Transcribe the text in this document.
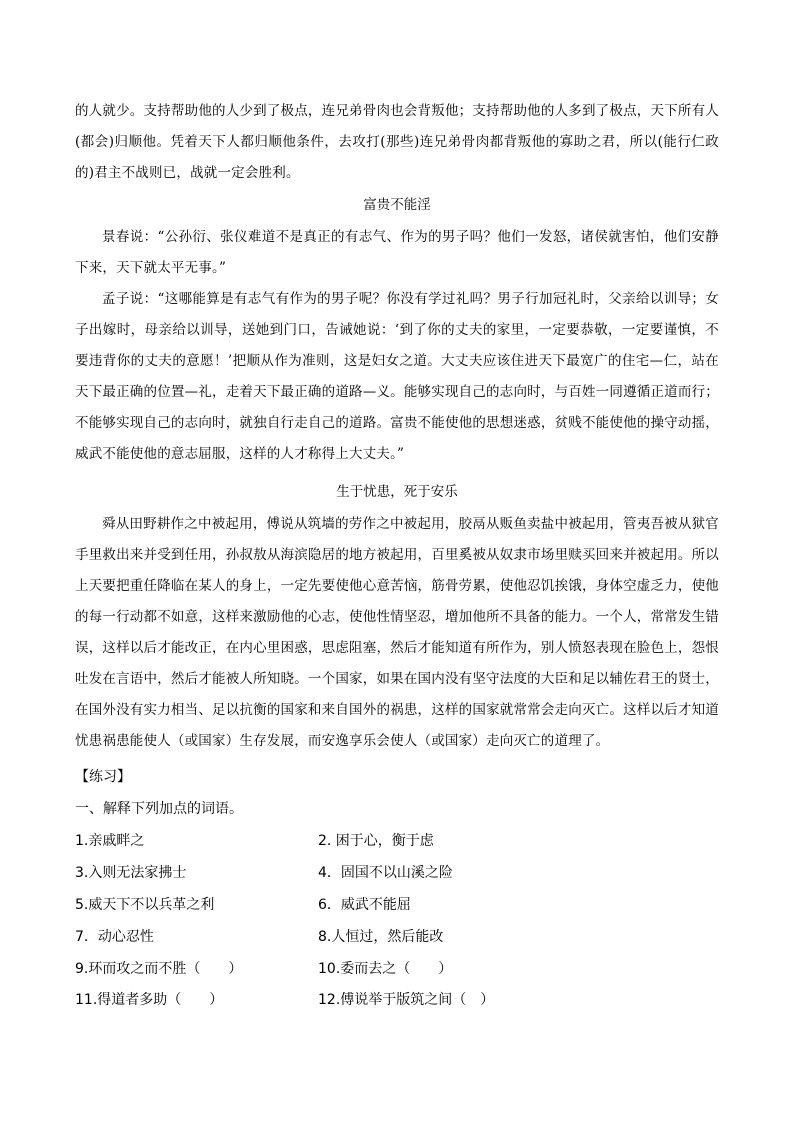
的人就少。支持帮助他的人少到了极点，连兄弟骨肉也会背叛他；支持帮助他的人多到了极点，天下所有人(都会)归顺他。凭着天下人都归顺他条件，去攻打(那些)连兄弟骨肉都背叛他的寡助之君，所以(能行仁政的)君主不战则已，战就一定会胜利。
富贵不能淫
景春说：“公孙衍、张仪难道不是真正的有志气、作为的男子吗？他们一发怒，诸侯就害怕，他们安静下来，天下就太平无事。”
孟子说：“这哪能算是有志气有作为的男子呢？你没有学过礼吗？男子行加冠礼时，父亲给以训导；女子出嫁时，母亲给以训导，送她到门口，告诫她说：‘到了你的丈夫的家里，一定要恭敬，一定要谨慎，不要违背你的丈夫的意愿！’把顺从作为准则，这是妇女之道。大丈夫应该住进天下最宽广的住宅—仁，站在天下最正确的位置—礼，走着天下最正确的道路—义。能够实现自己的志向时，与百姓一同遵循正道而行；不能够实现自己的志向时，就独自行走自己的道路。富贵不能使他的思想迷惑，贫贱不能使他的操守动摇，威武不能使他的意志屈服，这样的人才称得上大丈夫。”
生于忧患，死于安乐
舜从田野耕作之中被起用，傅说从筑墙的劳作之中被起用，胶鬲从贩鱼卖盐中被起用，管夷吾被从狱官手里救出来并受到任用，孙叔敖从海滨隐居的地方被起用，百里奚被从奴隶市场里赎买回来并被起用。所以上天要把重任降临在某人的身上，一定先要使他心意苦恼，筋骨劳累，使他忍饥挨饿，身体空虚乏力，使他的每一行动都不如意，这样来激励他的心志，使他性情坚忍，增加他所不具备的能力。一个人，常常发生错误，这样以后才能改正，在内心里困惑，思虑阻塞，然后才能知道有所作为，别人愤怒表现在脸色上，怨恨吐发在言语中，然后才能被人所知晓。一个国家，如果在国内没有坚守法度的大臣和足以辅佐君王的贤士，在国外没有实力相当、足以抗衡的国家和来自国外的祸患，这样的国家就常常会走向灭亡。这样以后才知道忧患祸患能使人（或国家）生存发展，而安逸享乐会使人（或国家）走向灭亡的道理了。
【练习】
一、解释下列加点的词语。
1.亲戚畔之	2. 困于心，衡于虑
3.入则无法家拂士	4．固国不以山溪之险
5.威天下不以兵革之利	6．威武不能屈
7．动心忍性	8.人恒过，然后能改
9.环而攻之而不胜（　　）	10.委而去之（　　）
11.得道者多助（　　）	12.傅说举于版筑之间（　）
